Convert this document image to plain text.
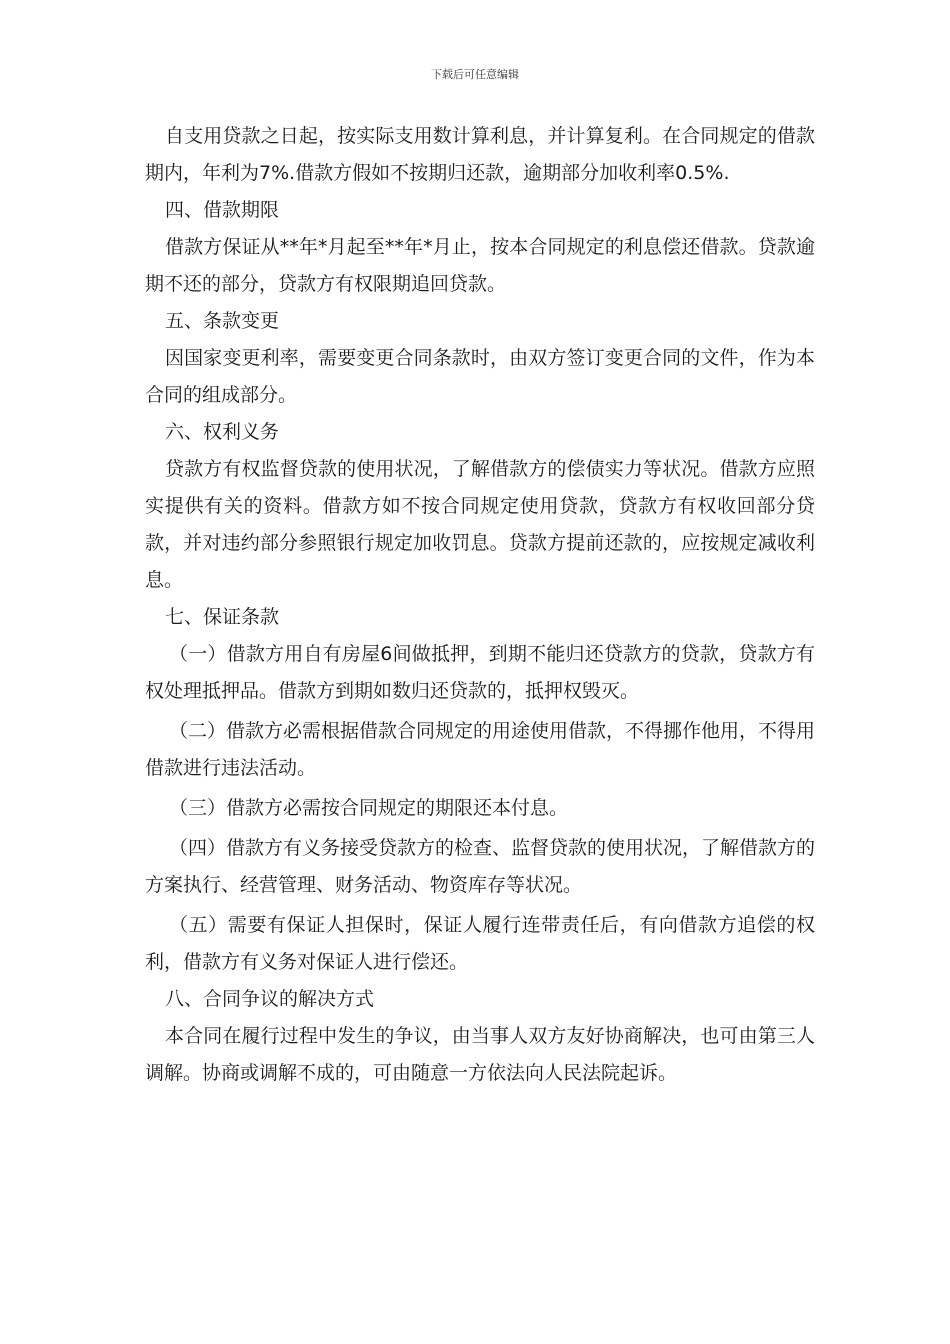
下载后可任意编辑

自支用贷款之日起，按实际支用数计算利息，并计算复利。在合同规定的借款期内，年利为7%.借款方假如不按期归还款，逾期部分加收利率0.5%.

四、借款期限

借款方保证从**年*月起至**年*月止，按本合同规定的利息偿还借款。贷款逾期不还的部分，贷款方有权限期追回贷款。

五、条款变更

因国家变更利率，需要变更合同条款时，由双方签订变更合同的文件，作为本合同的组成部分。

六、权利义务

贷款方有权监督贷款的使用状况，了解借款方的偿债实力等状况。借款方应照实提供有关的资料。借款方如不按合同规定使用贷款，贷款方有权收回部分贷款，并对违约部分参照银行规定加收罚息。贷款方提前还款的，应按规定减收利息。

七、保证条款

（一）借款方用自有房屋6间做抵押，到期不能归还贷款方的贷款，贷款方有权处理抵押品。借款方到期如数归还贷款的，抵押权毁灭。

（二）借款方必需根据借款合同规定的用途使用借款，不得挪作他用，不得用借款进行违法活动。

（三）借款方必需按合同规定的期限还本付息。

（四）借款方有义务接受贷款方的检查、监督贷款的使用状况，了解借款方的方案执行、经营管理、财务活动、物资库存等状况。

（五）需要有保证人担保时，保证人履行连带责任后，有向借款方追偿的权利，借款方有义务对保证人进行偿还。

八、合同争议的解决方式

本合同在履行过程中发生的争议，由当事人双方友好协商解决，也可由第三人调解。协商或调解不成的，可由随意一方依法向人民法院起诉。
